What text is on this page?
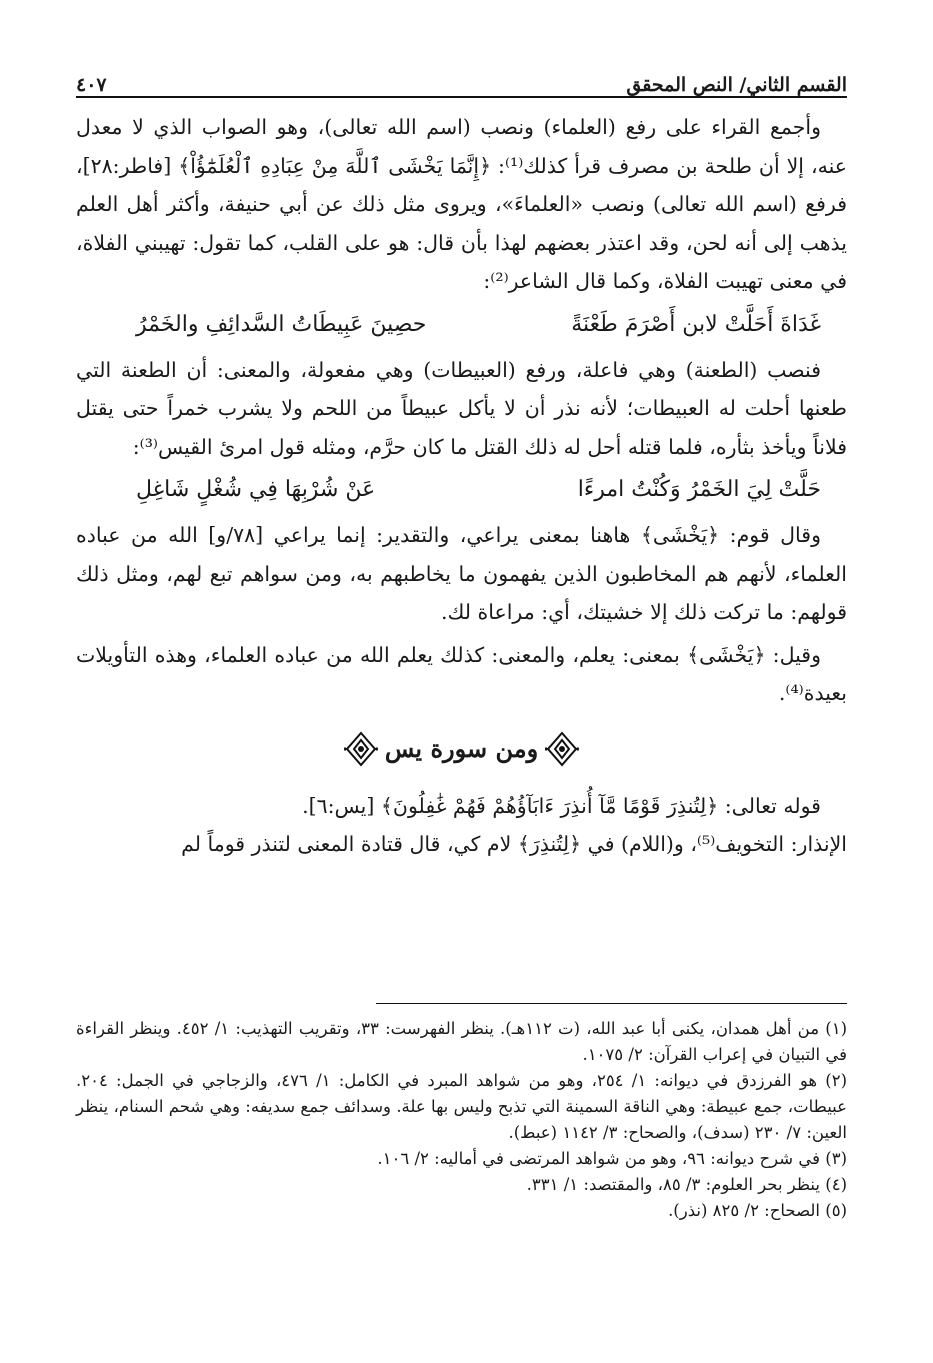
القسم الثاني/ النص المحقق
٤٠٧

وأجمع القراء على رفع (العلماء) ونصب (اسم الله تعالى)، وهو الصواب الذي لا معدل عنه، إلا أن طلحة بن مصرف قرأ كذلك⁽¹⁾: ﴿إِنَّمَا يَخْشَى ٱللَّهَ مِنْ عِبَادِهِ ٱلْعُلَمَٰٓؤُاْ﴾ [فاطر:٢٨]، فرفع (اسم الله تعالى) ونصب «العلماءَ»، ويروى مثل ذلك عن أبي حنيفة، وأكثر أهل العلم يذهب إلى أنه لحن، وقد اعتذر بعضهم لهذا بأن قال: هو على القلب، كما تقول: تهيبني الفلاة، في معنى تهيبت الفلاة، وكما قال الشاعر⁽²⁾:

غَدَاةَ أَحَلَّتْ لابن أَصْرَمَ طَعْنَةً
حصِينَ عَبِيطَاتُ السَّدائِفِ والخَمْرُ

فنصب (الطعنة) وهي فاعلة، ورفع (العبيطات) وهي مفعولة، والمعنى: أن الطعنة التي طعنها أحلت له العبيطات؛ لأنه نذر أن لا يأكل عبيطاً من اللحم ولا يشرب خمراً حتى يقتل فلاناً ويأخذ بثأره، فلما قتله أحل له ذلك القتل ما كان حرَّم، ومثله قول امرئ القيس⁽³⁾:

حَلَّتْ لِيَ الخَمْرُ وَكُنْتُ امرءًا
عَنْ شُرْبِهَا فِي شُغْلٍ شَاغِلِ

وقال قوم: ﴿يَخْشَى﴾ هاهنا بمعنى يراعي، والتقدير: إنما يراعي [٧٨/و] الله من عباده العلماء، لأنهم هم المخاطبون الذين يفهمون ما يخاطبهم به، ومن سواهم تبع لهم، ومثل ذلك قولهم: ما تركت ذلك إلا خشيتك، أي: مراعاة لك.

وقيل: ﴿يَخْشَى﴾ بمعنى: يعلم، والمعنى: كذلك يعلم الله من عباده العلماء، وهذه التأويلات بعيدة⁽⁴⁾.

ومن سورة يس

قوله تعالى: ﴿لِتُنذِرَ قَوْمًا مَّآ أُنذِرَ ءَابَآؤُهُمْ فَهُمْ غَٰفِلُونَ﴾ [يس:٦].

الإنذار: التخويف⁽⁵⁾، و(اللام) في ﴿لِتُنذِرَ﴾ لام كي، قال قتادة المعنى لتنذر قوماً لم

(١) من أهل همدان، يكنى أبا عبد الله، (ت ١١٢هـ). ينظر الفهرست: ٣٣، وتقريب التهذيب: ١/ ٤٥٢. وينظر القراءة في التبيان في إعراب القرآن: ٢/ ١٠٧٥.

(٢) هو الفرزدق في ديوانه: ١/ ٢٥٤، وهو من شواهد المبرد في الكامل: ١/ ٤٧٦، والزجاجي في الجمل: ٢٠٤. عبيطات، جمع عبيطة: وهي الناقة السمينة التي تذبح وليس بها علة. وسدائف جمع سديفه: وهي شحم السنام، ينظر العين: ٧/ ٢٣٠ (سدف)، والصحاح: ٣/ ١١٤٢ (عبط).

(٣) في شرح ديوانه: ٩٦، وهو من شواهد المرتضى في أماليه: ٢/ ١٠٦.

(٤) ينظر بحر العلوم: ٣/ ٨٥، والمقتصد: ١/ ٣٣١.

(٥) الصحاح: ٢/ ٨٢٥ (نذر).
